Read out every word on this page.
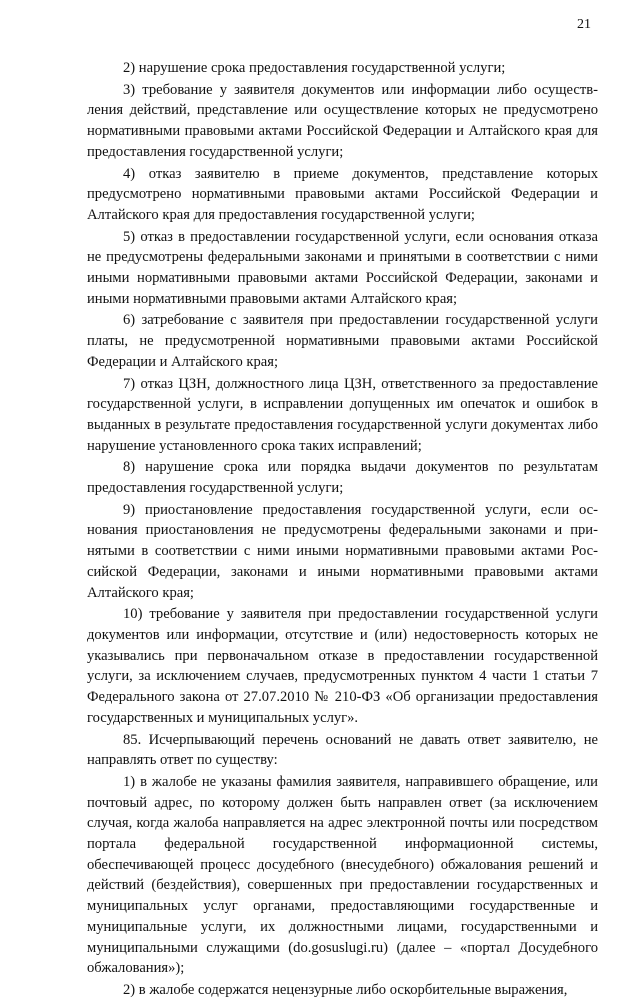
21

2) нарушение срока предоставления государственной услуги;

3) требование у заявителя документов или информации либо осуществления действий, представление или осуществление которых не предусмотрено нормативными правовыми актами Российской Федерации и Алтайского края для предоставления государственной услуги;

4) отказ заявителю в приеме документов, представление которых предусмотрено нормативными правовыми актами Российской Федерации и Алтайского края для предоставления государственной услуги;

5) отказ в предоставлении государственной услуги, если основания отказа не предусмотрены федеральными законами и принятыми в соответствии с ними иными нормативными правовыми актами Российской Федерации, законами и иными нормативными правовыми актами Алтайского края;

6) затребование с заявителя при предоставлении государственной услуги платы, не предусмотренной нормативными правовыми актами Российской Федерации и Алтайского края;

7) отказ ЦЗН, должностного лица ЦЗН, ответственного за предоставление государственной услуги, в исправлении допущенных им опечаток и ошибок в выданных в результате предоставления государственной услуги документах либо нарушение установленного срока таких исправлений;

8) нарушение срока или порядка выдачи документов по результатам предоставления государственной услуги;

9) приостановление предоставления государственной услуги, если основания приостановления не предусмотрены федеральными законами и принятыми в соответствии с ними иными нормативными правовыми актами Российской Федерации, законами и иными нормативными правовыми актами Алтайского края;

10) требование у заявителя при предоставлении государственной услуги документов или информации, отсутствие и (или) недостоверность которых не указывались при первоначальном отказе в предоставлении государственной услуги, за исключением случаев, предусмотренных пунктом 4 части 1 статьи 7 Федерального закона от 27.07.2010 № 210-ФЗ «Об организации предоставления государственных и муниципальных услуг».

85. Исчерпывающий перечень оснований не давать ответ заявителю, не направлять ответ по существу:

1) в жалобе не указаны фамилия заявителя, направившего обращение, или почтовый адрес, по которому должен быть направлен ответ (за исключением случая, когда жалоба направляется на адрес электронной почты или посредством портала федеральной государственной информационной системы, обеспечивающей процесс досудебного (внесудебного) обжалования решений и действий (бездействия), совершенных при предоставлении государственных и муниципальных услуг органами, предоставляющими государственные и муниципальные услуги, их должностными лицами, государственными и муниципальными служащими (do.gosuslugi.ru) (далее – «портал Досудебного обжалования»);

2) в жалобе содержатся нецензурные либо оскорбительные выражения,
